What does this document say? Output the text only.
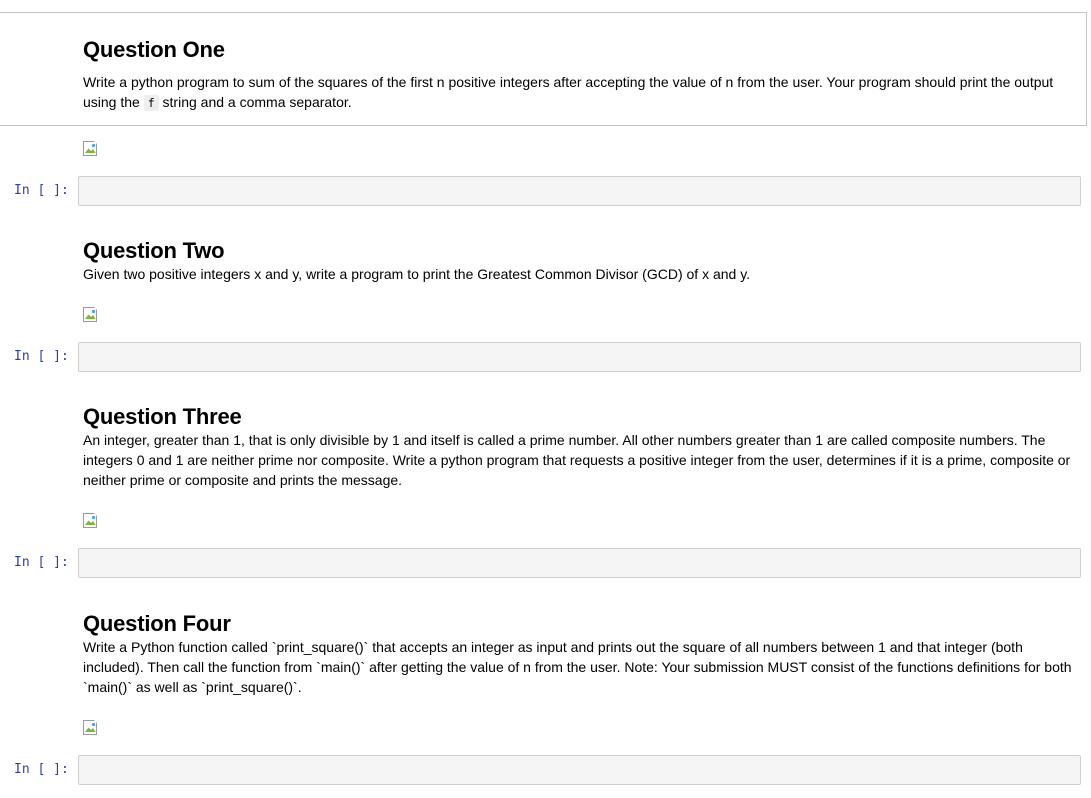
Question One

Write a python program to sum of the squares of the first n positive integers after accepting the value of n from the user. Your program should print the output using the f string and a comma separator.

In [ ]:
Question Two

Given two positive integers x and y, write a program to print the Greatest Common Divisor (GCD) of x and y.

In [ ]:
Question Three

An integer, greater than 1, that is only divisible by 1 and itself is called a prime number. All other numbers greater than 1 are called composite numbers. The integers 0 and 1 are neither prime nor composite. Write a python program that requests a positive integer from the user, determines if it is a prime, composite or neither prime or composite and prints the message.

In [ ]:
Question Four

Write a Python function called `print_square()` that accepts an integer as input and prints out the square of all numbers between 1 and that integer (both included). Then call the function from `main()` after getting the value of n from the user. Note: Your submission MUST consist of the functions definitions for both `main()` as well as `print_square()`.

In [ ]:
